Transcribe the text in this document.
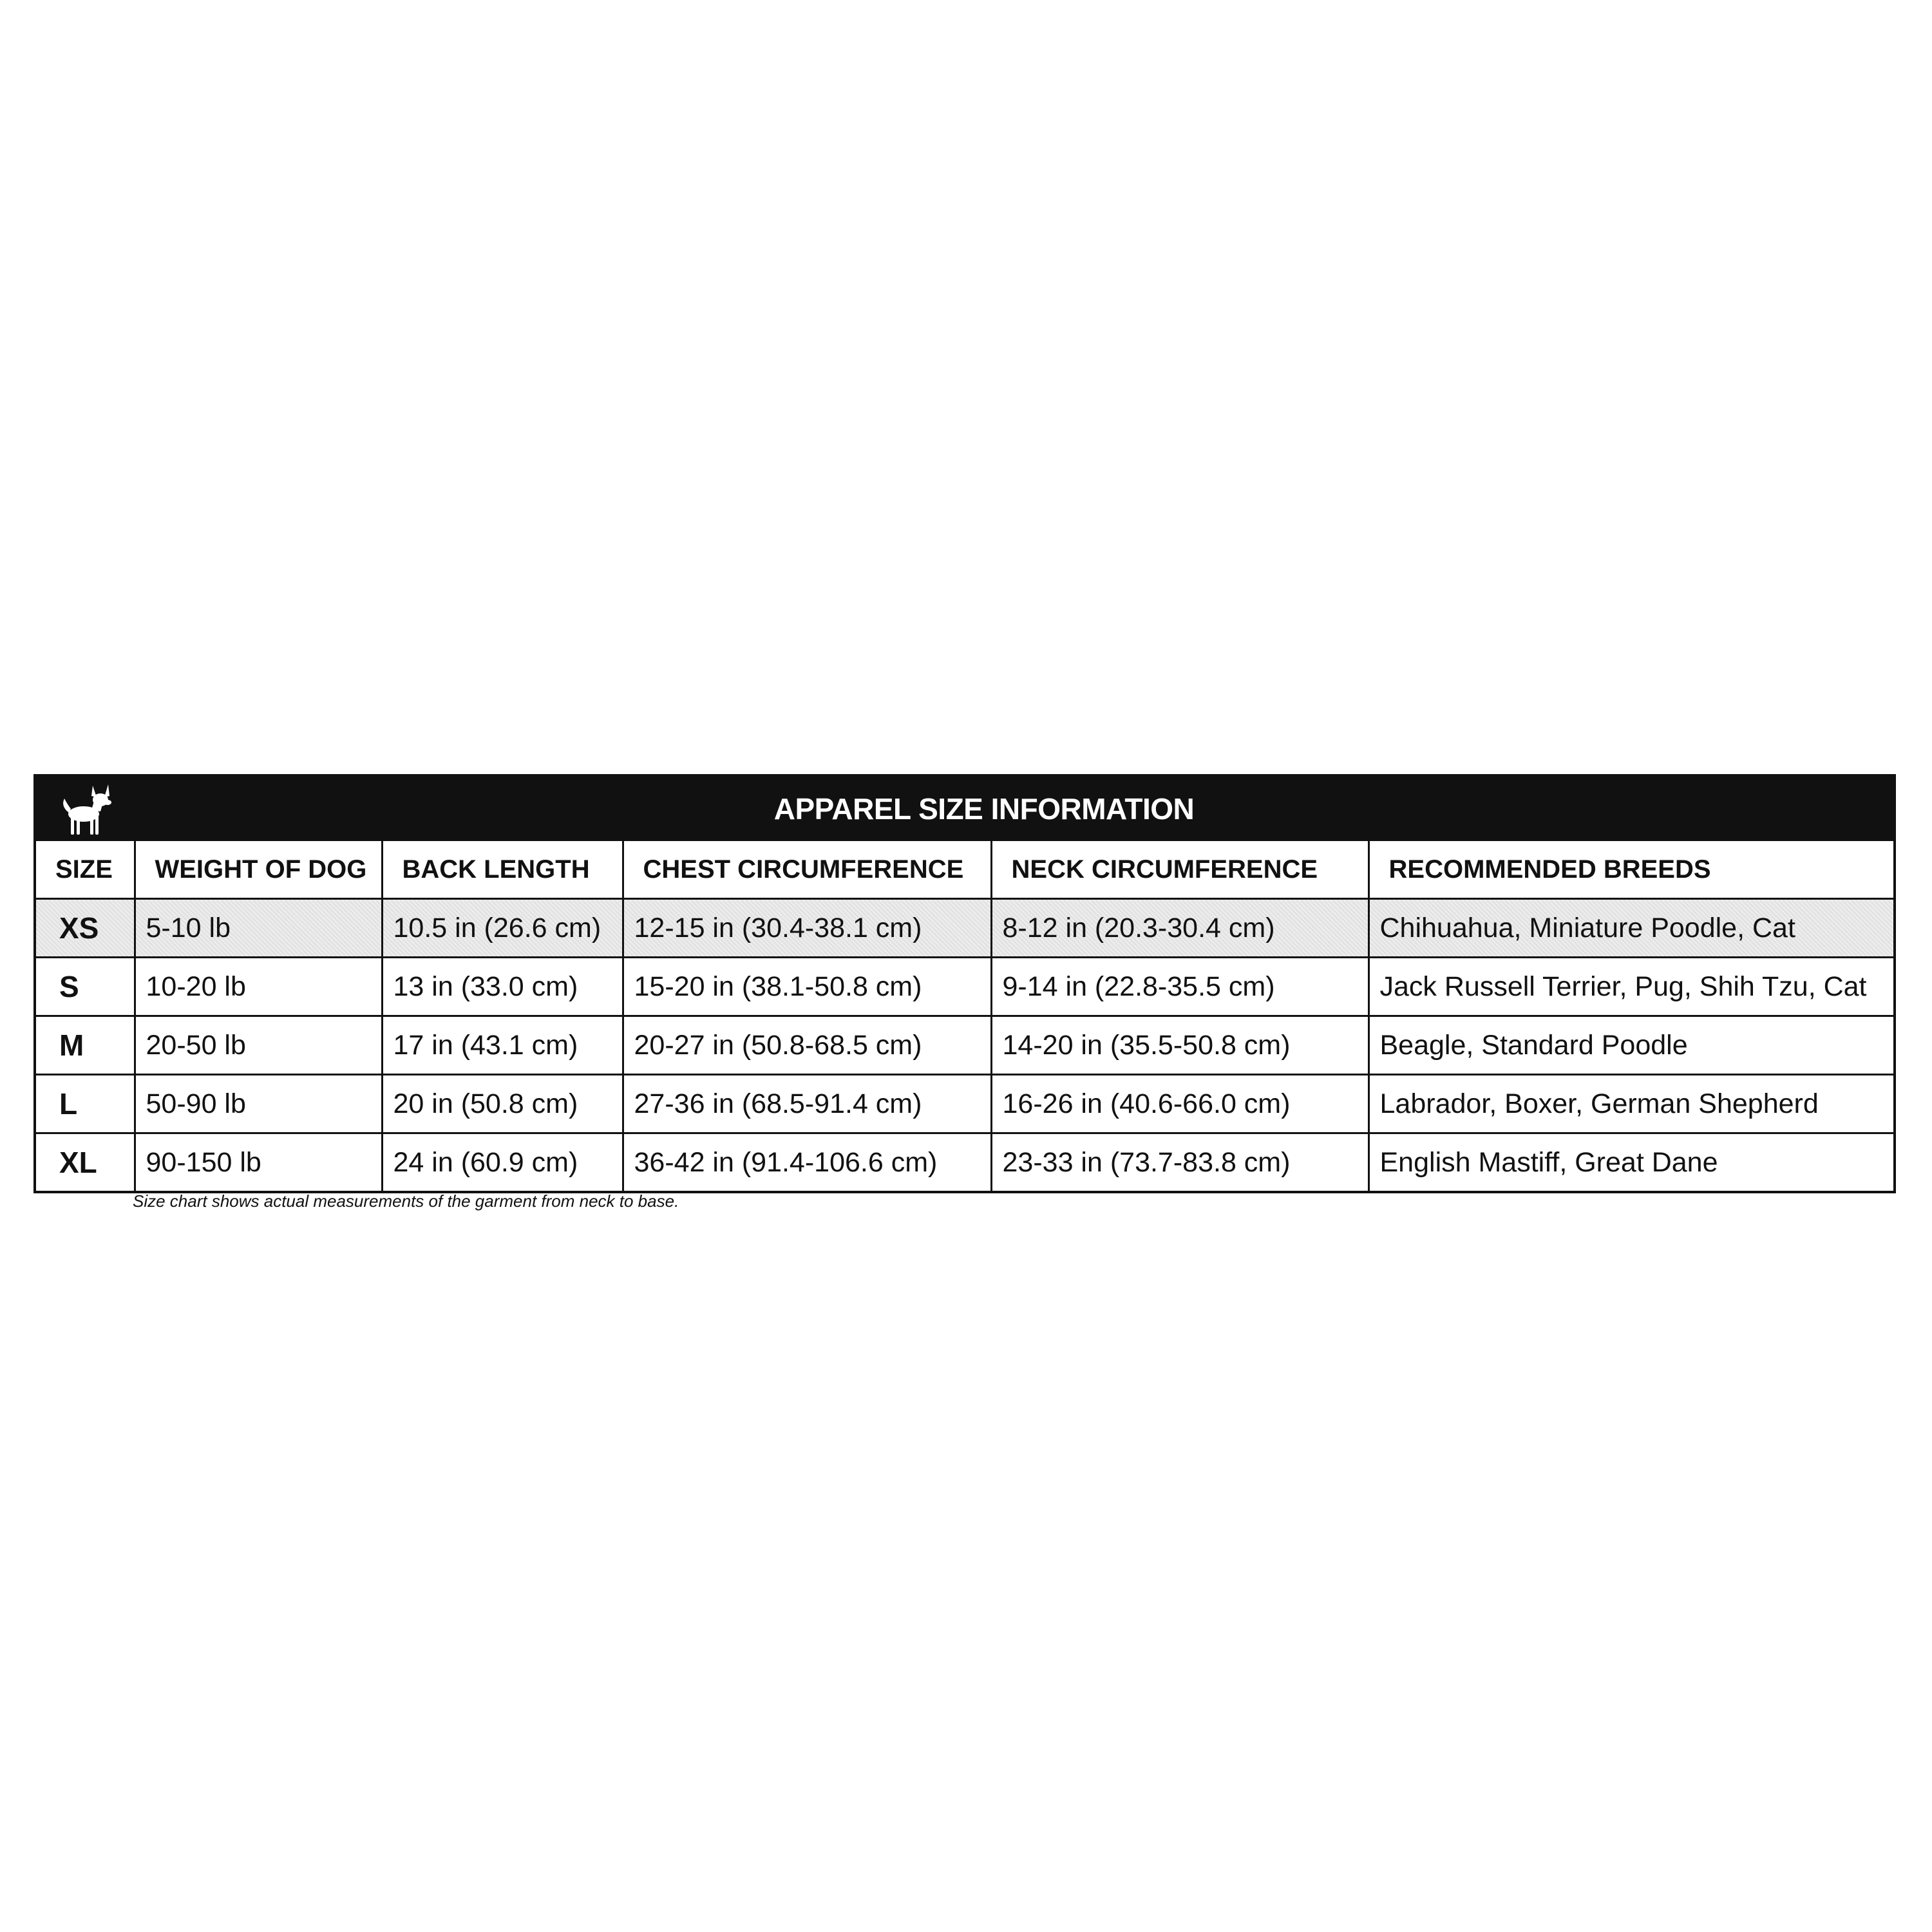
APPAREL SIZE INFORMATION
SIZE	WEIGHT OF DOG	BACK LENGTH	CHEST CIRCUMFERENCE	NECK CIRCUMFERENCE	RECOMMENDED BREEDS
XS	5-10 lb	10.5 in (26.6 cm)	12-15 in (30.4-38.1 cm)	8-12 in (20.3-30.4 cm)	Chihuahua, Miniature Poodle, Cat
S	10-20 lb	13 in (33.0 cm)	15-20 in (38.1-50.8 cm)	9-14 in (22.8-35.5 cm)	Jack Russell Terrier, Pug, Shih Tzu, Cat
M	20-50 lb	17 in (43.1 cm)	20-27 in (50.8-68.5 cm)	14-20 in (35.5-50.8 cm)	Beagle, Standard Poodle
L	50-90 lb	20 in (50.8 cm)	27-36 in (68.5-91.4 cm)	16-26 in (40.6-66.0 cm)	Labrador, Boxer, German Shepherd
XL	90-150 lb	24 in (60.9 cm)	36-42 in (91.4-106.6 cm)	23-33 in (73.7-83.8 cm)	English Mastiff, Great Dane
Size chart shows actual measurements of the garment from neck to base.
